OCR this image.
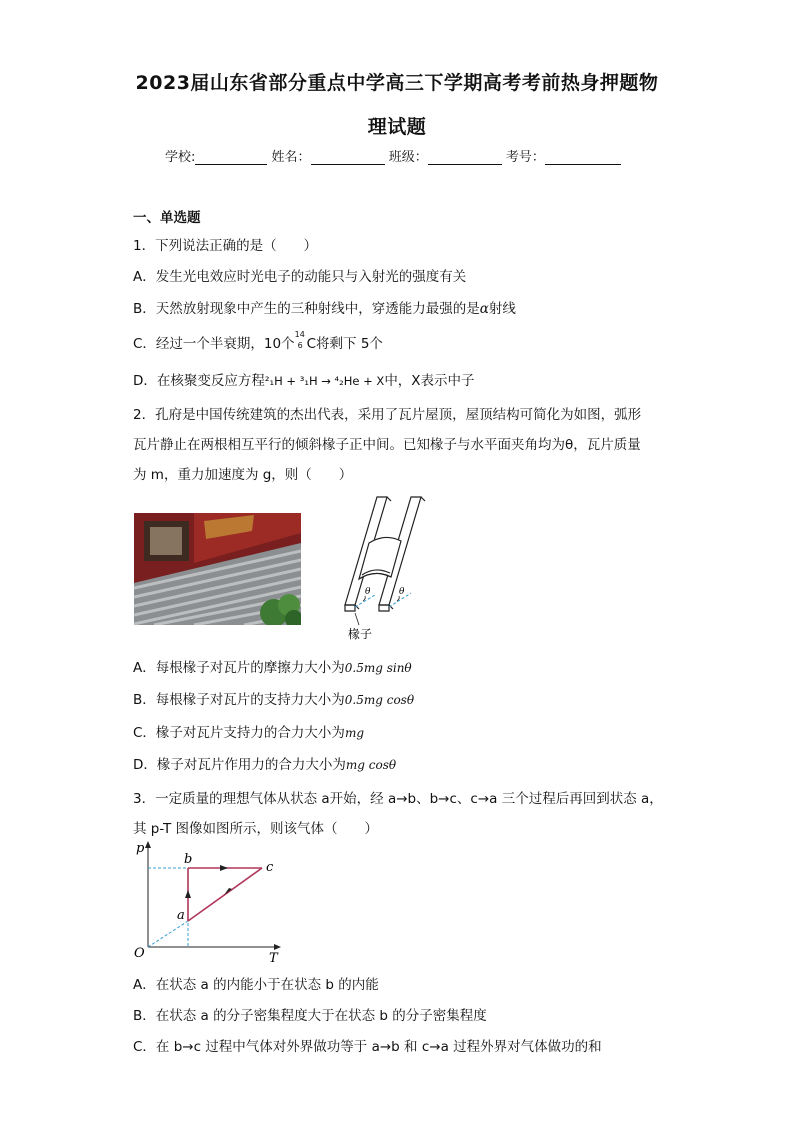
2023届山东省部分重点中学高三下学期高考考前热身押题物
理试题
学校:	姓名：	班级：	考号：
一、单选题
1．下列说法正确的是（　　）
A．发生光电效应时光电子的动能只与入射光的强度有关
B．天然放射现象中产生的三种射线中，穿透能力最强的是α射线
C．经过一个半衰期，10个
14
6 C将剩下 5个
D．在核聚变反应方程²₁H + ³₁H → ⁴₂He + X中，X表示中子
2．孔府是中国传统建筑的杰出代表，采用了瓦片屋顶，屋顶结构可简化为如图，弧形
瓦片静止在两根相互平行的倾斜椽子正中间。已知椽子与水平面夹角均为θ，瓦片质量
为 m，重力加速度为 g，则（　　）
θ	θ
椽子
A．每根椽子对瓦片的摩擦力大小为0.5mg sinθ
B．每根椽子对瓦片的支持力大小为0.5mg cosθ
C．椽子对瓦片支持力的合力大小为mg
D．椽子对瓦片作用力的合力大小为mg cosθ
3．一定质量的理想气体从状态 a开始，经 a→b、b→c、c→a 三个过程后再回到状态 a，
其 p-T 图像如图所示，则该气体（　　）
p
T
O
a
b
c
A．在状态 a 的内能小于在状态 b 的内能
B．在状态 a 的分子密集程度大于在状态 b 的分子密集程度
C．在 b→c 过程中气体对外界做功等于 a→b 和 c→a 过程外界对气体做功的和
